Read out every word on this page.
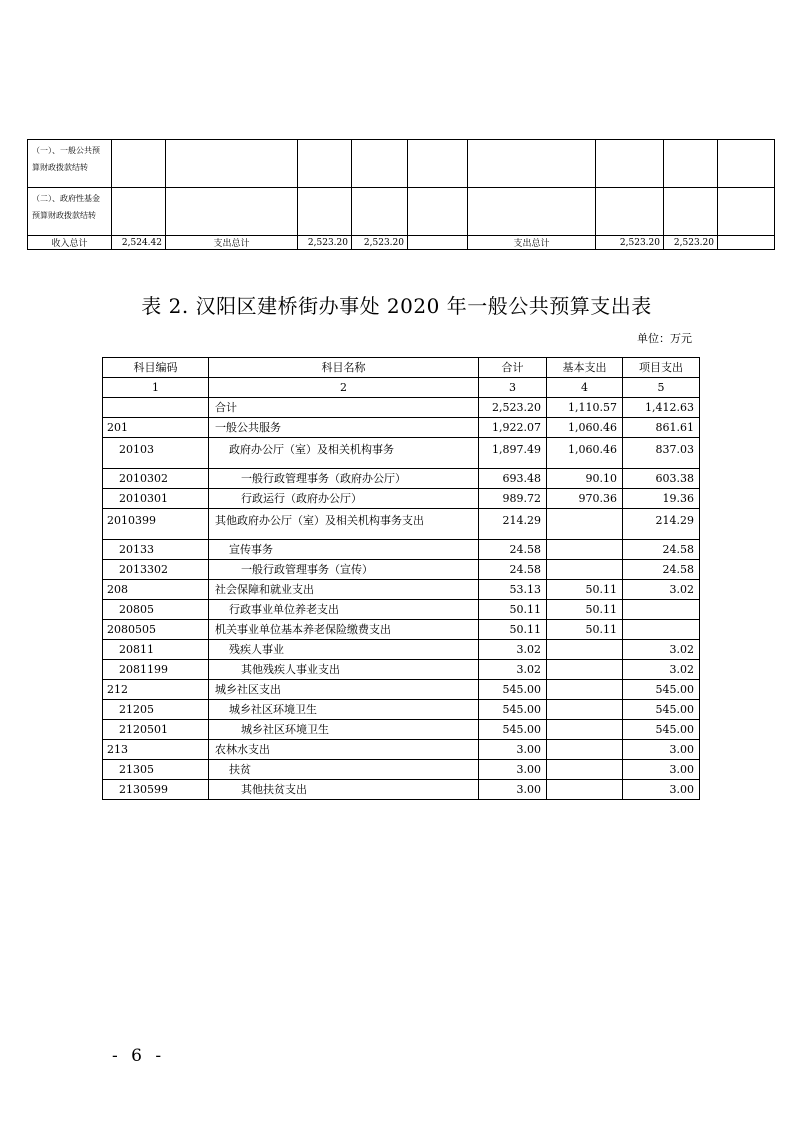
（一）、一般公共预算财政拨款结转									
（二）、政府性基金预算财政拨款结转									
收入总计	2,524.42	支出总计	2,523.20	2,523.20		支出总计	2,523.20	2,523.20	
表 2. 汉阳区建桥街办事处 2020 年一般公共预算支出表
单位：万元
科目编码	科目名称	合计	基本支出	项目支出
1	2	3	4	5
	合计	2,523.20	1,110.57	1,412.63
201	一般公共服务	1,922.07	1,060.46	861.61
20103	政府办公厅（室）及相关机构事务	1,897.49	1,060.46	837.03
2010302	一般行政管理事务（政府办公厅）	693.48	90.10	603.38
2010301	行政运行（政府办公厅）	989.72	970.36	19.36
2010399	其他政府办公厅（室）及相关机构事务支出	214.29		214.29
20133	宣传事务	24.58		24.58
2013302	一般行政管理事务（宣传）	24.58		24.58
208	社会保障和就业支出	53.13	50.11	3.02
20805	行政事业单位养老支出	50.11	50.11	
2080505	机关事业单位基本养老保险缴费支出	50.11	50.11	
20811	残疾人事业	3.02		3.02
2081199	其他残疾人事业支出	3.02		3.02
212	城乡社区支出	545.00		545.00
21205	城乡社区环境卫生	545.00		545.00
2120501	城乡社区环境卫生	545.00		545.00
213	农林水支出	3.00		3.00
21305	扶贫	3.00		3.00
2130599	其他扶贫支出	3.00		3.00
- 6 -
